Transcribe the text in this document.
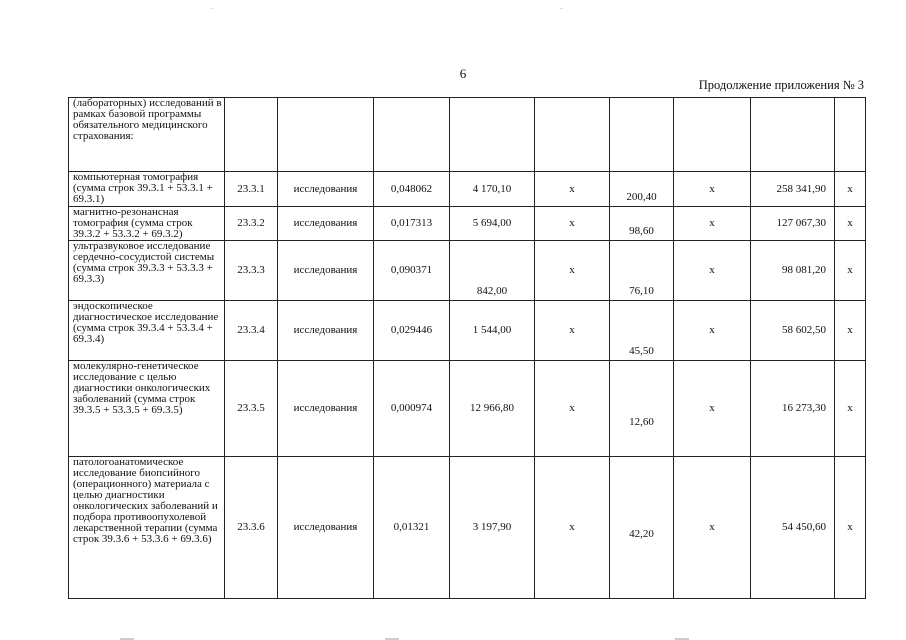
6
Продолжение приложения № 3
(лабораторных) исследований в рамках базовой программы обязательного медицинского страхования:									
компьютерная томография (сумма строк 39.3.1 + 53.3.1 + 69.3.1)	23.3.1	исследования	0,048062	4 170,10	х	200,40	х	258 341,90	х
магнитно-резонансная томография (сумма строк 39.3.2 + 53.3.2 + 69.3.2)	23.3.2	исследования	0,017313	5 694,00	х	98,60	х	127 067,30	х
ультразвуковое исследование сердечно-сосудистой системы (сумма строк 39.3.3 + 53.3.3 + 69.3.3)	23.3.3	исследования	0,090371	842,00	х	76,10	х	98 081,20	х
эндоскопическое диагностическое исследование (сумма строк 39.3.4 + 53.3.4 + 69.3.4)	23.3.4	исследования	0,029446	1 544,00	х	45,50	х	58 602,50	х
молекулярно-генетическое исследование с целью диагностики онкологических заболеваний (сумма строк 39.3.5 + 53.3.5 + 69.3.5)	23.3.5	исследования	0,000974	12 966,80	х	12,60	х	16 273,30	х
патологоанатомическое исследование биопсийного (операционного) материала с целью диагностики онкологических заболеваний и подбора противоопухолевой лекарственной терапии (сумма строк 39.3.6 + 53.3.6 + 69.3.6)	23.3.6	исследования	0,01321	3 197,90	х	42,20	х	54 450,60	х
